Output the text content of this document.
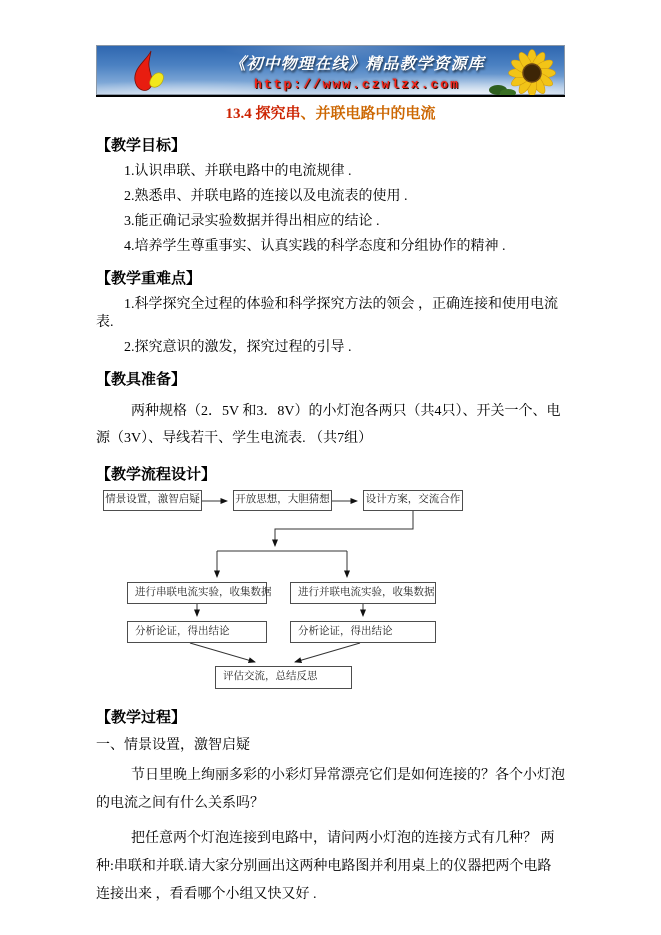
《初中物理在线》精品教学资源库
http://www.czwlzx.com
13.4 探究串、并联电路中的电流
【教学目标】

1.认识串联、并联电路中的电流规律 .

2.熟悉串、并联电路的连接以及电流表的使用 .

3.能正确记录实验数据并得出相应的结论 .

4.培养学生尊重事实、认真实践的科学态度和分组协作的精神 .

【教学重难点】

1.科学探究全过程的体验和科学探究方法的领会 ，正确连接和使用电流表.

2.探究意识的激发，探究过程的引导 .

【教具准备】

两种规格（2．5V 和3．8V）的小灯泡各两只（共4只）、开关一个、电源（3V）、导线若干、学生电流表. （共7组）

【教学流程设计】
情景设置，激智启疑	开放思想，大胆猜想	设计方案，交流合作
进行串联电流实验，收集数据	进行并联电流实验，收集数据
分析论证，得出结论	分析论证，得出结论
评估交流，总结反思
【教学过程】

一、情景设置，激智启疑

节日里晚上绚丽多彩的小彩灯异常漂亮它们是如何连接的？各个小灯泡的电流之间有什么关系吗？

把任意两个灯泡连接到电路中，请问两小灯泡的连接方式有几种？ 两种:串联和并联.请大家分别画出这两种电路图并利用桌上的仪器把两个电路连接出来 ，看看哪个小组又快又好 .
